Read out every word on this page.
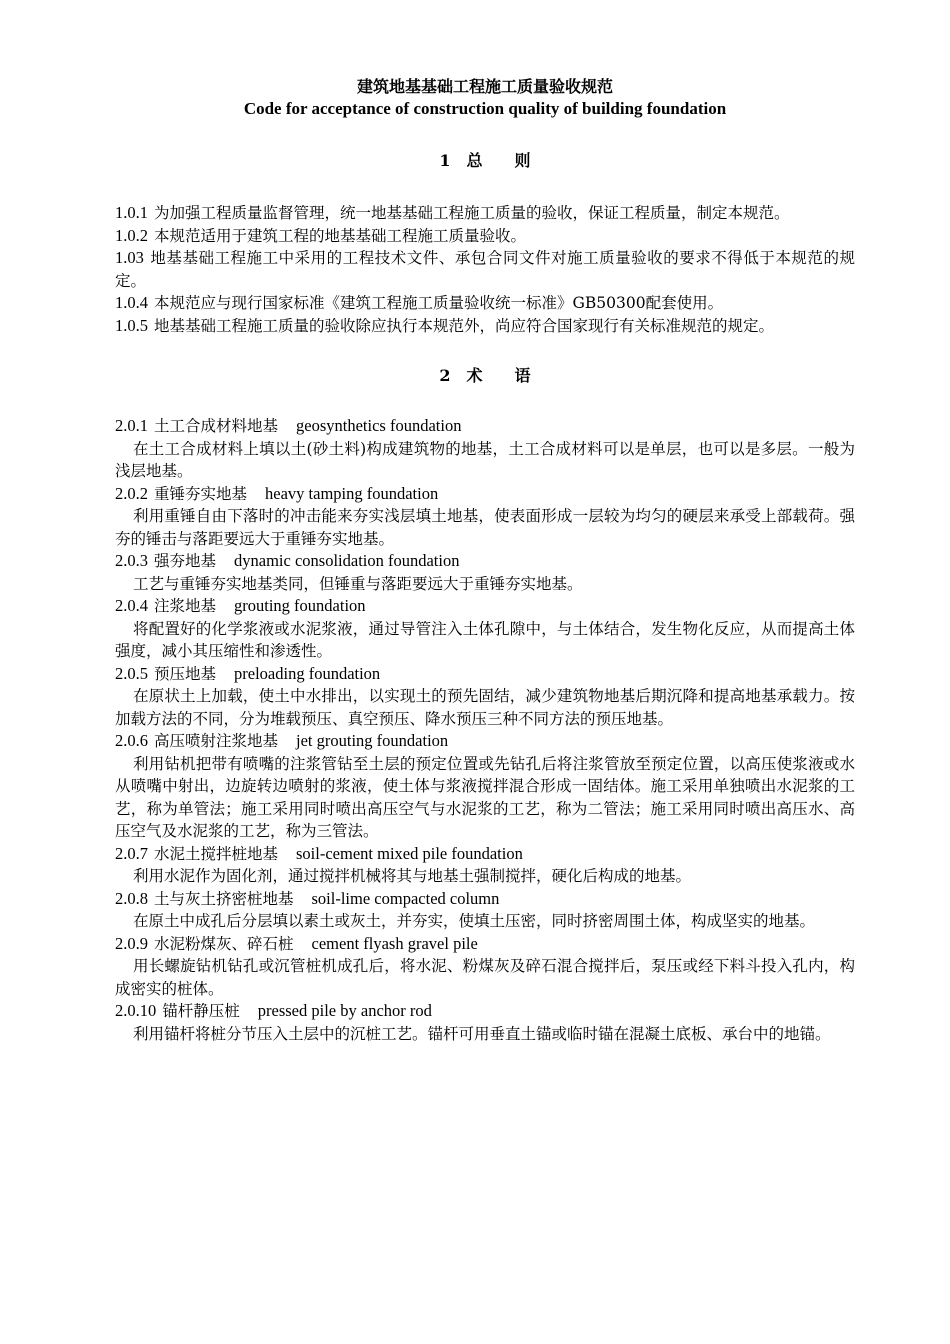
建筑地基基础工程施工质量验收规范

Code for acceptance of construction quality of building foundation

1　总　　则

1.0.1 为加强工程质量监督管理，统一地基基础工程施工质量的验收，保证工程质量，制定本规范。

1.0.2 本规范适用于建筑工程的地基基础工程施工质量验收。

1.03 地基基础工程施工中采用的工程技术文件、承包合同文件对施工质量验收的要求不得低于本规范的规定。

1.0.4 本规范应与现行国家标准《建筑工程施工质量验收统一标准》GB50300配套使用。

1.0.5 地基基础工程施工质量的验收除应执行本规范外，尚应符合国家现行有关标准规范的规定。

2　术　　语

2.0.1 土工合成材料地基 geosynthetics foundation

在土工合成材料上填以土(砂土料)构成建筑物的地基，土工合成材料可以是单层，也可以是多层。一般为浅层地基。

2.0.2 重锤夯实地基 heavy tamping foundation

利用重锤自由下落时的冲击能来夯实浅层填土地基，使表面形成一层较为均匀的硬层来承受上部载荷。强夯的锤击与落距要远大于重锤夯实地基。

2.0.3 强夯地基 dynamic consolidation foundation

工艺与重锤夯实地基类同，但锤重与落距要远大于重锤夯实地基。

2.0.4 注浆地基 grouting foundation

将配置好的化学浆液或水泥浆液，通过导管注入土体孔隙中，与土体结合，发生物化反应，从而提高土体强度，减小其压缩性和渗透性。

2.0.5 预压地基 preloading foundation

在原状土上加载，使土中水排出，以实现土的预先固结，减少建筑物地基后期沉降和提高地基承载力。按加载方法的不同，分为堆载预压、真空预压、降水预压三种不同方法的预压地基。

2.0.6 高压喷射注浆地基 jet grouting foundation

利用钻机把带有喷嘴的注浆管钻至土层的预定位置或先钻孔后将注浆管放至预定位置，以高压使浆液或水从喷嘴中射出，边旋转边喷射的浆液，使土体与浆液搅拌混合形成一固结体。施工采用单独喷出水泥浆的工艺，称为单管法；施工采用同时喷出高压空气与水泥浆的工艺，称为二管法；施工采用同时喷出高压水、高压空气及水泥浆的工艺，称为三管法。

2.0.7 水泥土搅拌桩地基 soil-cement mixed pile foundation

利用水泥作为固化剂，通过搅拌机械将其与地基土强制搅拌，硬化后构成的地基。

2.0.8 土与灰土挤密桩地基 soil-lime compacted column

在原土中成孔后分层填以素土或灰土，并夯实，使填土压密，同时挤密周围土体，构成坚实的地基。

2.0.9 水泥粉煤灰、碎石桩 cement flyash gravel pile

用长螺旋钻机钻孔或沉管桩机成孔后，将水泥、粉煤灰及碎石混合搅拌后，泵压或经下料斗投入孔内，构成密实的桩体。

2.0.10 锚杆静压桩 pressed pile by anchor rod

利用锚杆将桩分节压入土层中的沉桩工艺。锚杆可用垂直土锚或临时锚在混凝土底板、承台中的地锚。
